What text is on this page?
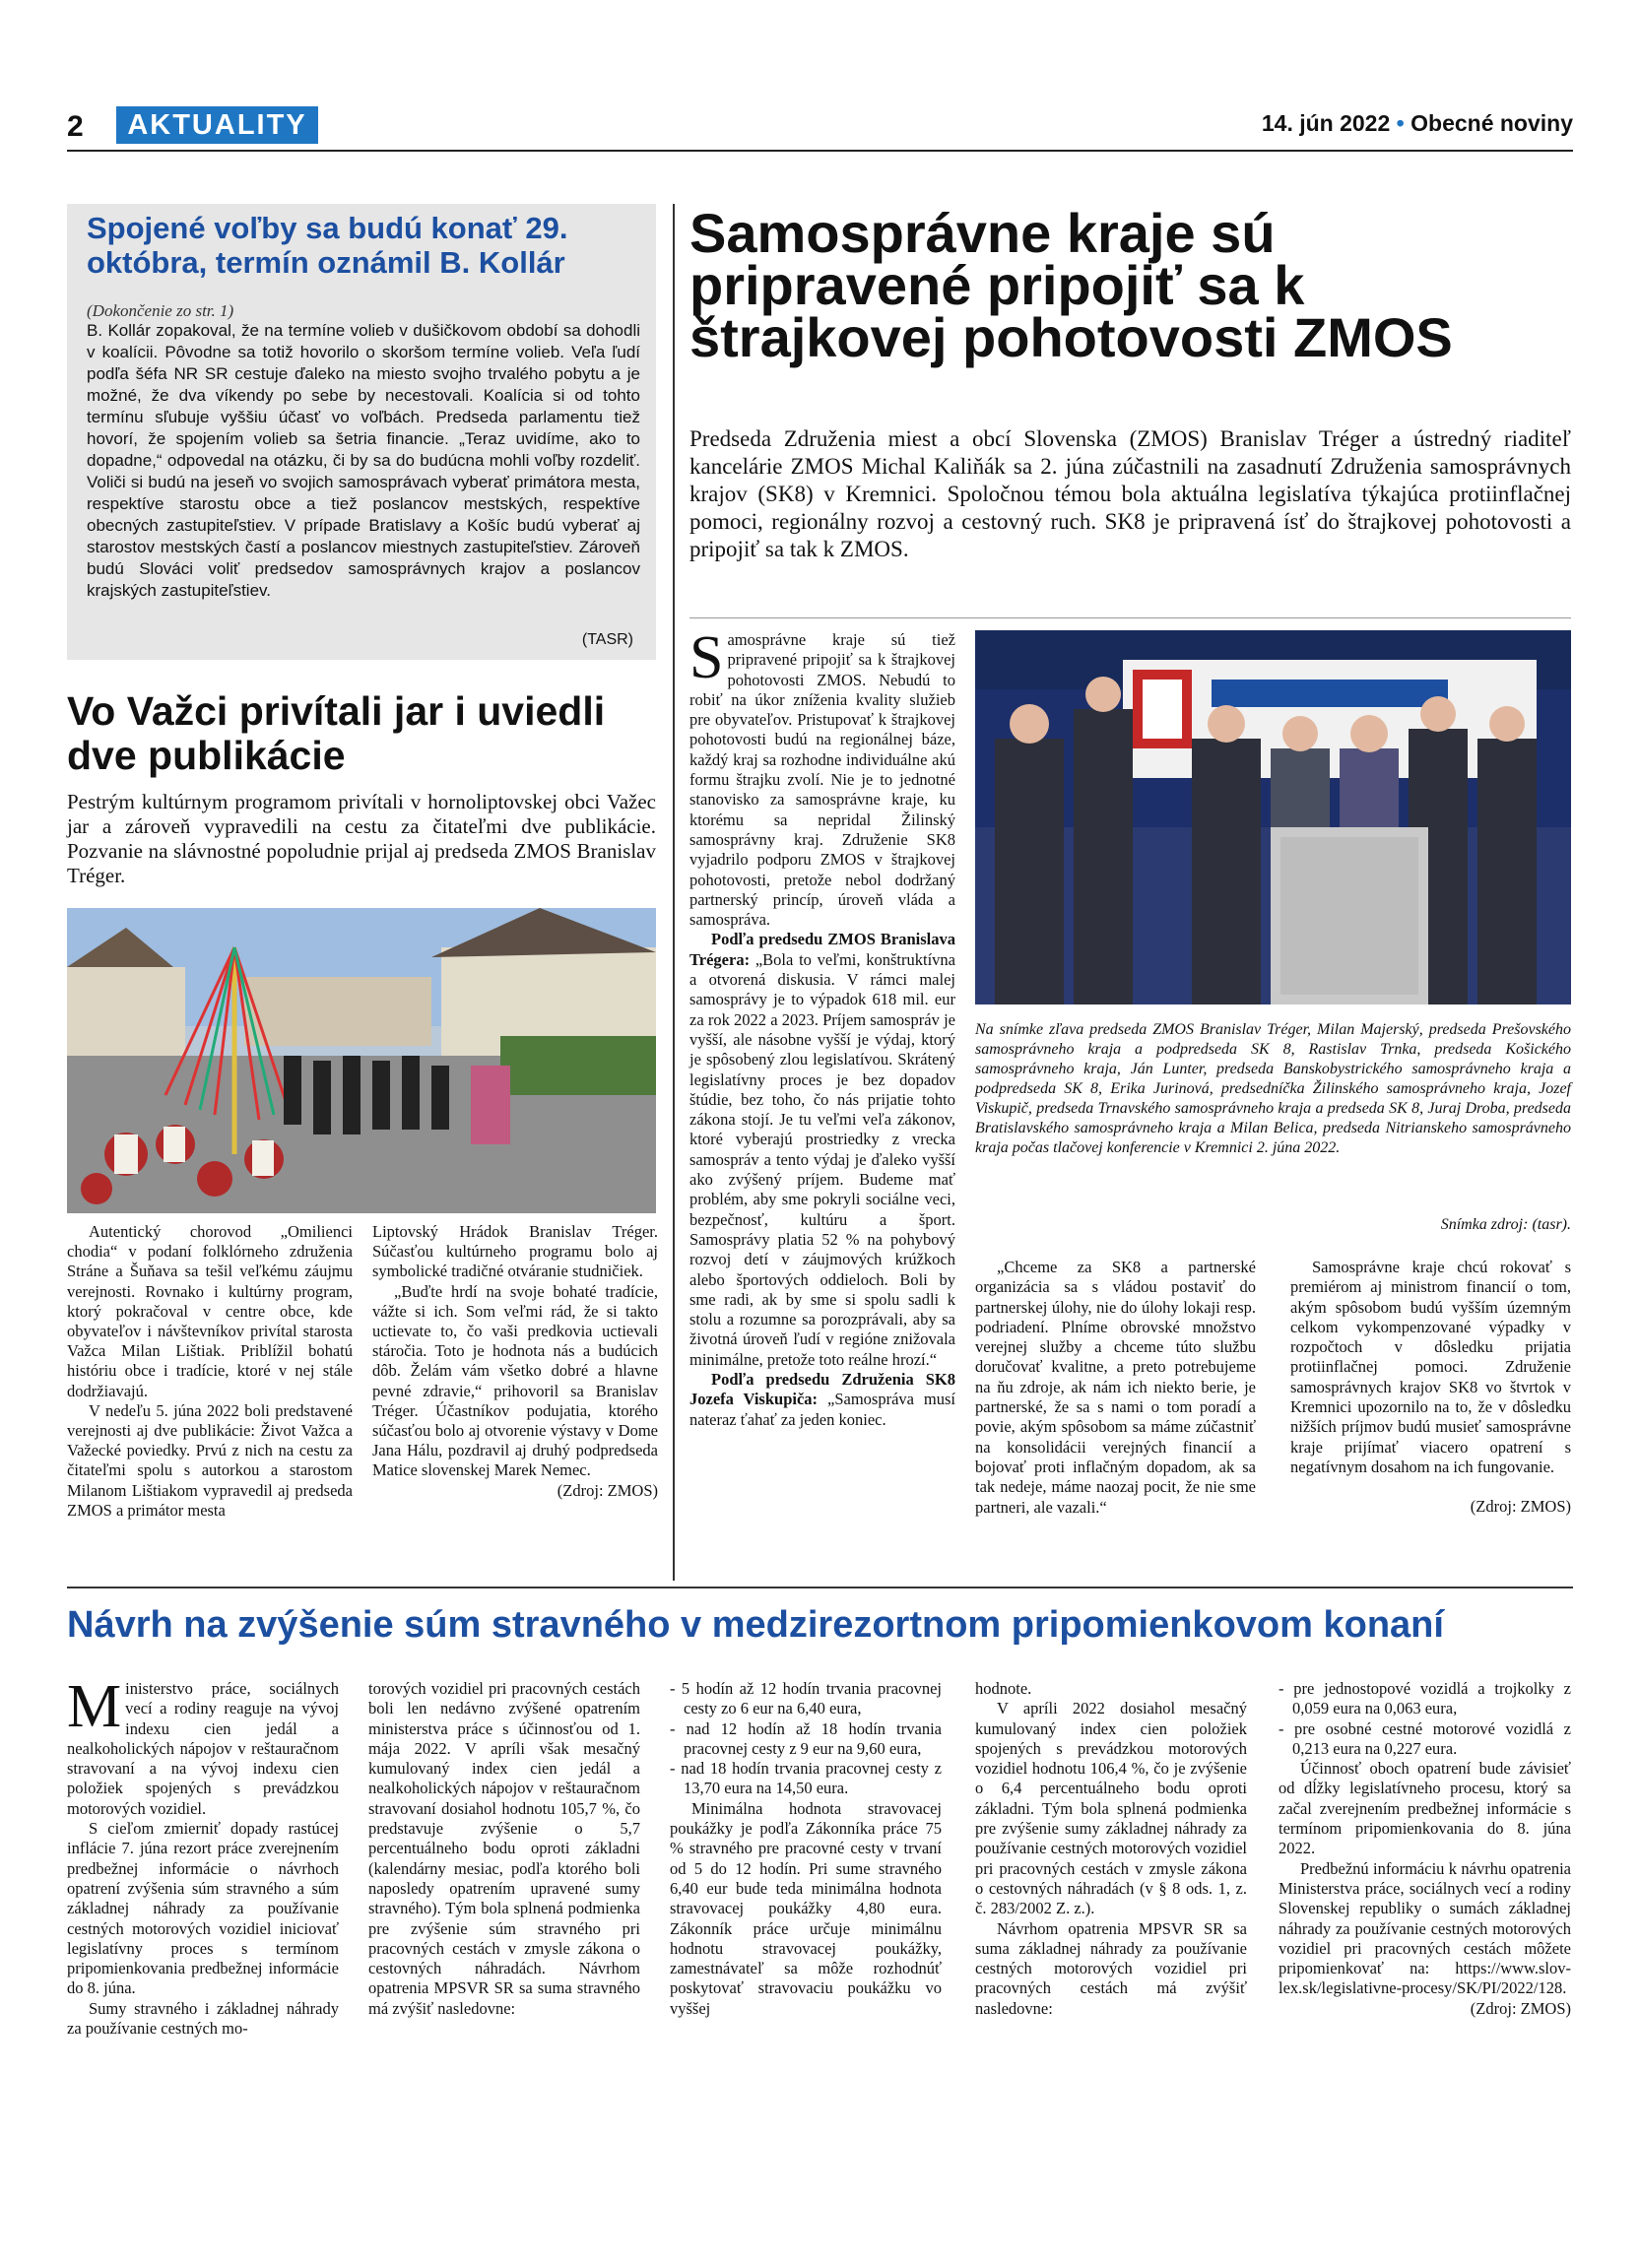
2	AKTUALITY	14. jún 2022 • Obecné noviny
Spojené voľby sa budú konať 29. októbra, termín oznámil B. Kollár
(Dokončenie zo str. 1)
B. Kollár zopakoval, že na termíne volieb v dušičkovom období sa dohodli v koalícii. Pôvodne sa totiž hovorilo o skoršom termíne volieb. Veľa ľudí podľa šéfa NR SR cestuje ďaleko na miesto svojho trvalého pobytu a je možné, že dva víkendy po sebe by necestovali. Koalícia si od tohto termínu sľubuje vyššiu účasť vo voľbách. Predseda parlamentu tiež hovorí, že spojením volieb sa šetria financie. „Teraz uvidíme, ako to dopadne,“ odpovedal na otázku, či by sa do budúcna mohli voľby rozdeliť. Voliči si budú na jeseň vo svojich samosprávach vyberať primátora mesta, respektíve starostu obce a tiež poslancov mestských, respektíve obecných zastupiteľstiev. V prípade Bratislavy a Košíc budú vyberať aj starostov mestských častí a poslancov miestnych zastupiteľstiev. Zároveň budú Slováci voliť predsedov samosprávnych krajov a poslancov krajských zastupiteľstiev.
(TASR)
Vo Važci privítali jar i uviedli dve publikácie
Pestrým kultúrnym programom privítali v hornoliptovskej obci Važec jar a zároveň vypravedili na cestu za čitateľmi dve publikácie. Pozvanie na slávnostné popoludnie prijal aj predseda ZMOS Branislav Tréger.

Autentický chorovod „Omilienci chodia“ v podaní folklórneho združenia Stráne a Šuňava sa tešil veľkému záujmu verejnosti. Rovnako i kultúrny program, ktorý pokračoval v centre obce, kde obyvateľov i návštevníkov privítal starosta Važca Milan Lištiak. Priblížil bohatú históriu obce i tradície, ktoré v nej stále dodržiavajú.

V nedeľu 5. júna 2022 boli predstavené verejnosti aj dve publikácie: Život Važca a Važecké poviedky. Prvú z nich na cestu za čitateľmi spolu s autorkou a starostom Milanom Lištiakom vypravedil aj predseda ZMOS a primátor mesta

Liptovský Hrádok Branislav Tréger. Súčasťou kultúrneho programu bolo aj symbolické tradičné otváranie studničiek.

„Buďte hrdí na svoje bohaté tradície, vážte si ich. Som veľmi rád, že si takto uctievate to, čo vaši predkovia uctievali stáročia. Toto je hodnota nás a budúcich dôb. Želám vám všetko dobré a hlavne pevné zdravie,“ prihovoril sa Branislav Tréger. Účastníkov podujatia, ktorého súčasťou bolo aj otvorenie výstavy v Dome Jana Hálu, pozdravil aj druhý podpredseda Matice slovenskej Marek Nemec.

(Zdroj: ZMOS)

Samosprávne kraje sú pripravené pripojiť sa k štrajkovej pohotovosti ZMOS
Predseda Združenia miest a obcí Slovenska (ZMOS) Branislav Tréger a ústredný riaditeľ kancelárie ZMOS Michal Kaliňák sa 2. júna zúčastnili na zasadnutí Združenia samosprávnych krajov (SK8) v Kremnici. Spoločnou témou bola aktuálna legislatíva týkajúca protiinflačnej pomoci, regionálny rozvoj a cestovný ruch. SK8 je pripravená ísť do štrajkovej pohotovosti a pripojiť sa tak k ZMOS.

Samosprávne kraje sú tiež pripravené pripojiť sa k štrajkovej pohotovosti ZMOS. Nebudú to robiť na úkor zníženia kvality služieb pre obyvateľov. Pristupovať k štrajkovej pohotovosti budú na regionálnej báze, každý kraj sa rozhodne individuálne akú formu štrajku zvolí. Nie je to jednotné stanovisko za samosprávne kraje, ku ktorému sa nepridal Žilinský samosprávny kraj. Združenie SK8 vyjadrilo podporu ZMOS v štrajkovej pohotovosti, pretože nebol dodržaný partnerský princíp, úroveň vláda a samospráva.

Podľa predsedu ZMOS Branislava Trégera: „Bola to veľmi, konštruktívna a otvorená diskusia. V rámci malej samosprávy je to výpadok 618 mil. eur za rok 2022 a 2023. Príjem samospráv je vyšší, ale násobne vyšší je výdaj, ktorý je spôsobený zlou legislatívou. Skrátený legislatívny proces je bez dopadov štúdie, bez toho, čo nás prijatie tohto zákona stojí. Je tu veľmi veľa zákonov, ktoré vyberajú prostriedky z vrecka samospráv a tento výdaj je ďaleko vyšší ako zvýšený príjem. Budeme mať problém, aby sme pokryli sociálne veci, bezpečnosť, kultúru a šport. Samosprávy platia 52 % na pohybový rozvoj detí v záujmových krúžkoch alebo športových oddieloch. Boli by sme radi, ak by sme si spolu sadli k stolu a rozumne sa porozprávali, aby sa životná úroveň ľudí v regióne znižovala minimálne, pretože toto reálne hrozí.“

Podľa predsedu Združenia SK8 Jozefa Viskupiča: „Samospráva musí nateraz ťahať za jeden koniec.

Na snímke zľava predseda ZMOS Branislav Tréger, Milan Majerský, predseda Prešovského samosprávneho kraja a podpredseda SK 8, Rastislav Trnka, predseda Košického samosprávneho kraja, Ján Lunter, predseda Banskobystrického samosprávneho kraja a podpredseda SK 8, Erika Jurinová, predsedníčka Žilinského samosprávneho kraja, Jozef Viskupič, predseda Trnavského samosprávneho kraja a predseda SK 8, Juraj Droba, predseda Bratislavského samosprávneho kraja a Milan Belica, predseda Nitrianskeho samosprávneho kraja počas tlačovej konferencie v Kremnici 2. júna 2022.
Snímka zdroj: (tasr).

„Chceme za SK8 a partnerské organizácia sa s vládou postaviť do partnerskej úlohy, nie do úlohy lokaji resp. podriadení. Plníme obrovské množstvo verejnej služby a chceme túto službu doručovať kvalitne, a preto potrebujeme na ňu zdroje, ak nám ich niekto berie, je partnerské, že sa s nami o tom poradí a povie, akým spôsobom sa máme zúčastniť na konsolidácii verejných financií a bojovať proti inflačným dopadom, ak sa tak nedeje, máme naozaj pocit, že nie sme partneri, ale vazali.“

Samosprávne kraje chcú rokovať s premiérom aj ministrom financií o tom, akým spôsobom budú vyšším územným celkom vykompenzované výpadky v rozpočtoch v dôsledku prijatia protiinflačnej pomoci. Združenie samosprávnych krajov SK8 vo štvrtok v Kremnici upozornilo na to, že v dôsledku nižších príjmov budú musieť samosprávne kraje prijímať viacero opatrení s negatívnym dosahom na ich fungovanie.

(Zdroj: ZMOS)

Návrh na zvýšenie súm stravného v medzirezortnom pripomienkovom konaní

Ministerstvo práce, sociálnych vecí a rodiny reaguje na vývoj indexu cien jedál a nealkoholických nápojov v reštauračnom stravovaní a na vývoj indexu cien položiek spojených s prevádzkou motorových vozidiel.

S cieľom zmierniť dopady rastúcej inflácie 7. júna rezort práce zverejnením predbežnej informácie o návrhoch opatrení zvýšenia súm stravného a súm základnej náhrady za používanie cestných motorových vozidiel iniciovať legislatívny proces s termínom pripomienkovania predbežnej informácie do 8. júna.

Sumy stravného i základnej náhrady za používanie cestných mo-

torových vozidiel pri pracovných cestách boli len nedávno zvýšené opatrením ministerstva práce s účinnosťou od 1. mája 2022. V apríli však mesačný kumulovaný index cien jedál a nealkoholických nápojov v reštauračnom stravovaní dosiahol hodnotu 105,7 %, čo predstavuje zvýšenie o 5,7 percentuálneho bodu oproti základni (kalendárny mesiac, podľa ktorého boli naposledy opatrením upravené sumy stravného). Tým bola splnená podmienka pre zvýšenie súm stravného pri pracovných cestách v zmysle zákona o cestovných náhradách. Návrhom opatrenia MPSVR SR sa suma stravného má zvýšiť nasledovne:

- 5 hodín až 12 hodín trvania pracovnej cesty zo 6 eur na 6,40 eura,

- nad 12 hodín až 18 hodín trvania pracovnej cesty z 9 eur na 9,60 eura,

- nad 18 hodín trvania pracovnej cesty z 13,70 eura na 14,50 eura.

Minimálna hodnota stravovacej poukážky je podľa Zákonníka práce 75 % stravného pre pracovné cesty v trvaní od 5 do 12 hodín. Pri sume stravného 6,40 eur bude teda minimálna hodnota stravovacej poukážky 4,80 eura. Zákonník práce určuje minimálnu hodnotu stravovacej poukážky, zamestnávateľ sa môže rozhodnúť poskytovať stravovaciu poukážku vo vyššej

hodnote.

V apríli 2022 dosiahol mesačný kumulovaný index cien položiek spojených s prevádzkou motorových vozidiel hodnotu 106,4 %, čo je zvýšenie o 6,4 percentuálneho bodu oproti základni. Tým bola splnená podmienka pre zvýšenie sumy základnej náhrady za používanie cestných motorových vozidiel pri pracovných cestách v zmysle zákona o cestovných náhradách (v § 8 ods. 1, z. č. 283/2002 Z. z.).

Návrhom opatrenia MPSVR SR sa suma základnej náhrady za používanie cestných motorových vozidiel pri pracovných cestách má zvýšiť nasledovne:

- pre jednostopové vozidlá a trojkolky z 0,059 eura na 0,063 eura,

- pre osobné cestné motorové vozidlá z 0,213 eura na 0,227 eura.

Účinnosť oboch opatrení bude závisieť od dĺžky legislatívneho procesu, ktorý sa začal zverejnením predbežnej informácie s termínom pripomienkovania do 8. júna 2022.

Predbežnú informáciu k návrhu opatrenia Ministerstva práce, sociálnych vecí a rodiny Slovenskej republiky o sumách základnej náhrady za používanie cestných motorových vozidiel pri pracovných cestách môžete pripomienkovať na: https://www.slov-lex.sk/legislativne-procesy/SK/PI/2022/128.

(Zdroj: ZMOS)
